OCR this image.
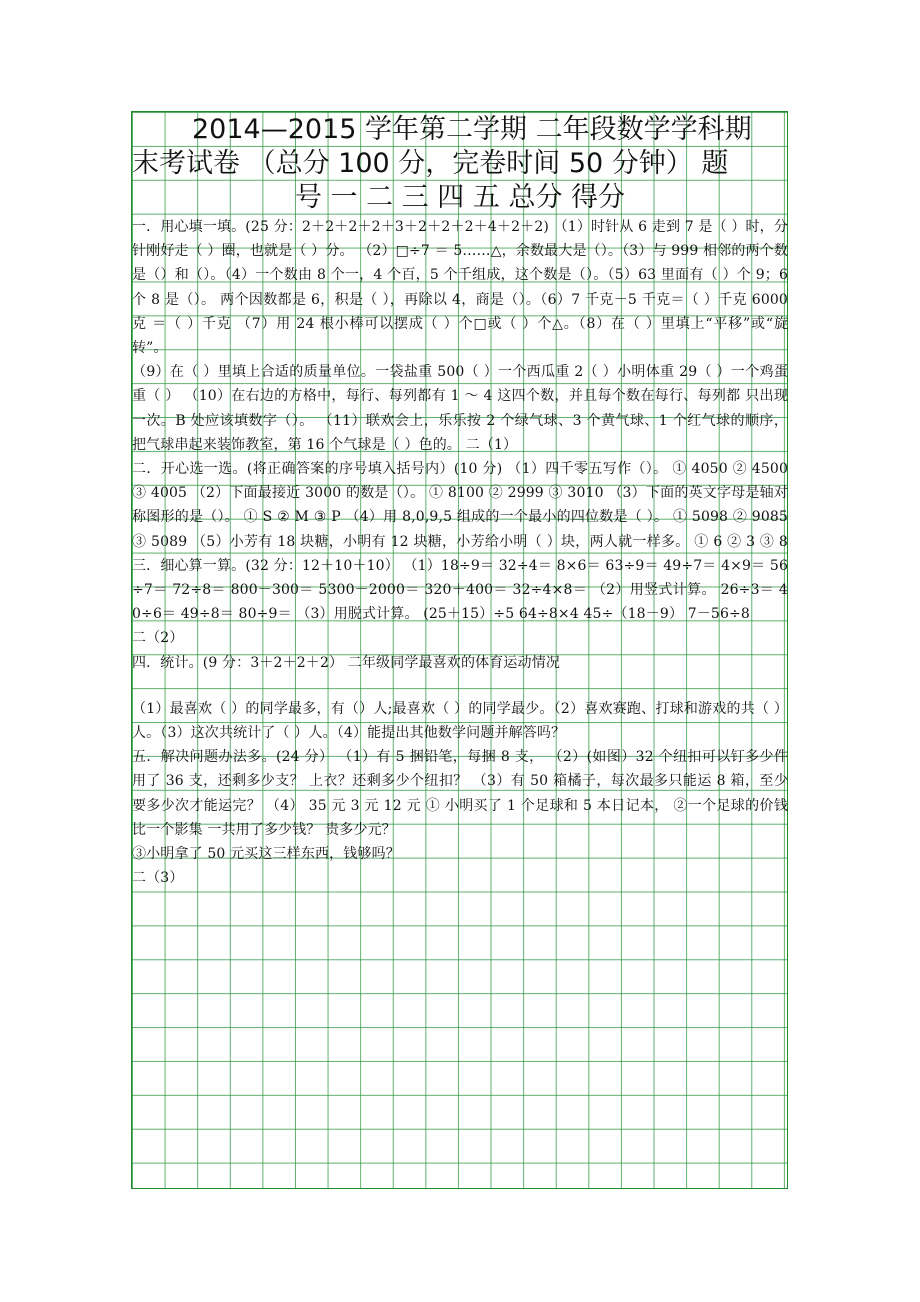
2014—2015 学年第二学期 二年段数学学科期

末考试卷 （总分 100 分，完卷时间 50 分钟） 题

号 一 二 三 四 五 总分 得分

一．用心填一填。(25 分：2＋2＋2＋2＋3＋2＋2＋2＋4＋2＋2) （1）时针从 6 走到 7 是（ ）时，分针刚好走（ ）圈，也就是（ ）分。 （2）□÷7 ＝ 5……△，余数最大是（）。（3）与 999 相邻的两个数是（）和（）。（4）一个数由 8 个一，4 个百，5 个千组成，这个数是（）。（5）63 里面有（ ）个 9；6 个 8 是（）。 两个因数都是 6，积是（ ），再除以 4，商是（）。（6）7 千克－5 千克＝（ ）千克 6000 克 ＝（ ）千克 （7）用 24 根小棒可以摆成（ ）个□或（ ）个△。（8）在（ ）里填上“平移”或“旋转”。

（9）在（ ）里填上合适的质量单位。一袋盐重 500（ ）一个西瓜重 2（ ）小明体重 29（ ）一个鸡蛋重（ ） （10）在右边的方格中，每行、每列都有 1 ～ 4 这四个数，并且每个数在每行、每列都 只出现一次。B 处应该填数字（）。 （11）联欢会上，乐乐按 2 个绿气球、3 个黄气球、1 个红气球的顺序，把气球串起来装饰教室，第 16 个气球是（ ）色的。 二（1）

二．开心选一选。(将正确答案的序号填入括号内）(10 分) （1）四千零五写作（）。 ① 4050 ② 4500 ③ 4005 （2）下面最接近 3000 的数是（）。 ① 8100 ② 2999 ③ 3010 （3）下面的英文字母是轴对称图形的是（）。 ① S ② M ③ P （4）用 8,0,9,5 组成的一个最小的四位数是（ ）。 ① 5098 ② 9085 ③ 5089 （5）小芳有 18 块糖，小明有 12 块糖，小芳给小明（ ）块，两人就一样多。 ① 6 ② 3 ③ 8 三．细心算一算。(32 分：12＋10＋10） （1）18÷9＝ 32÷4＝ 8×6＝ 63÷9＝ 49÷7＝ 4×9＝ 56÷7＝ 72÷8＝ 800－300＝ 5300－2000＝ 320＋400＝ 32÷4×8＝ （2）用竖式计算。 26÷3＝ 40÷6＝ 49÷8＝ 80÷9＝ （3）用脱式计算。 (25＋15）÷5 64÷8×4 45÷（18－9） 7－56÷8

二（2）

四．统计。(9 分：3＋2＋2＋2） 二年级同学最喜欢的体育运动情况

（1）最喜欢（ ）的同学最多，有（）人;最喜欢（ ）的同学最少。（2）喜欢赛跑、打球和游戏的共（ ）人。（3）这次共统计了（ ）人。（4）能提出其他数学问题并解答吗？

五．解决问题办法多。(24 分） （1）有 5 捆铅笔，每捆 8 支， （2）(如图）32 个纽扣可以钉多少件 用了 36 支，还剩多少支？ 上衣？还剩多少个纽扣？ （3）有 50 箱橘子，每次最多只能运 8 箱，至少要多少次才能运完？ （4） 35 元 3 元 12 元 ① 小明买了 1 个足球和 5 本日记本， ②一个足球的价钱比一个影集 一共用了多少钱？ 贵多少元？

③小明拿了 50 元买这三样东西，钱够吗？

二（3）
